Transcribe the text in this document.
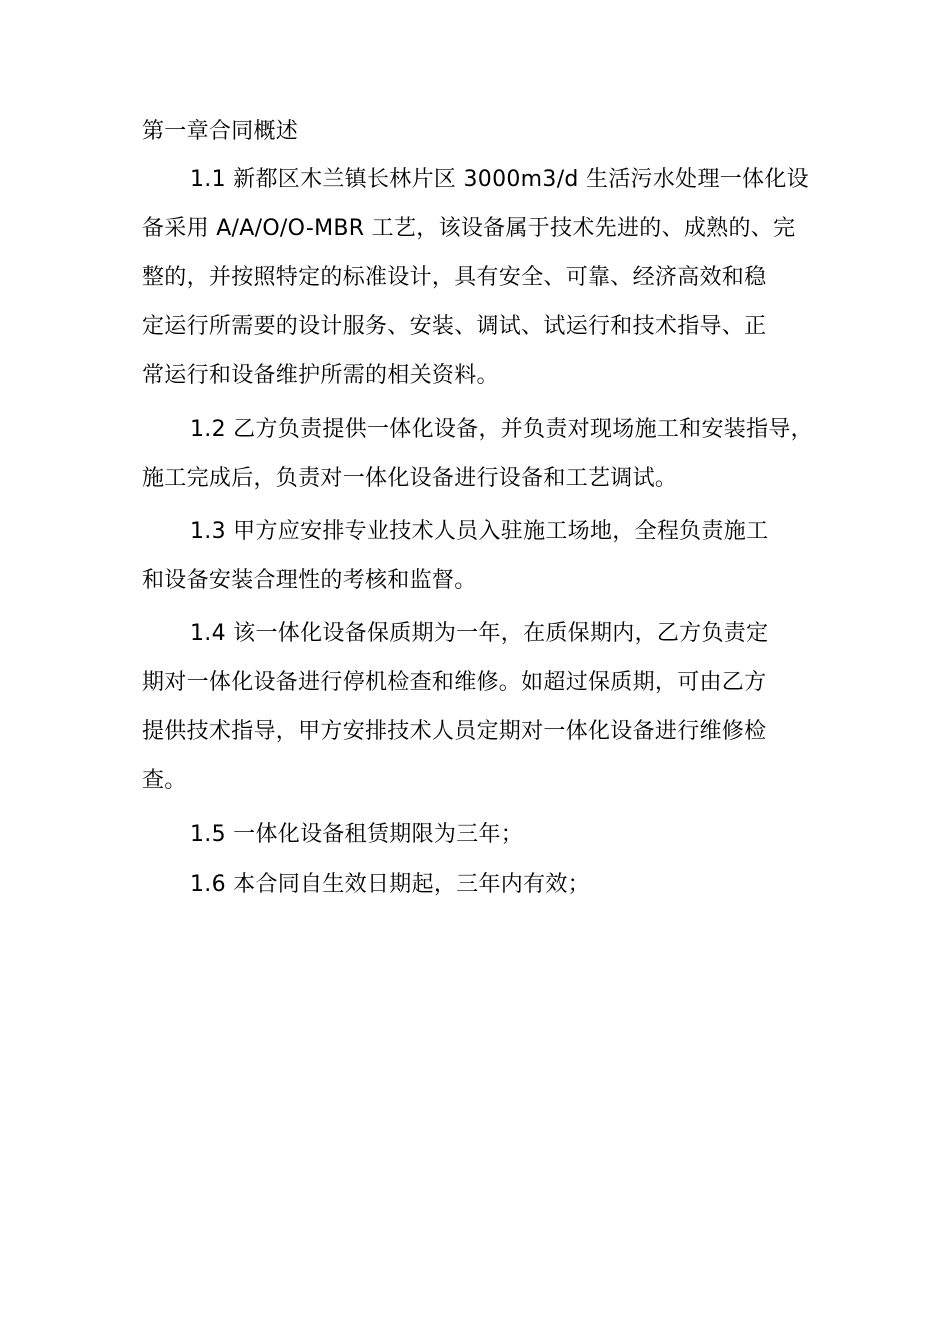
第一章合同概述
1.1 新都区木兰镇长林片区 3000m3/d 生活污水处理一体化设
备采用 A/A/O/O-MBR 工艺，该设备属于技术先进的、成熟的、完
整的，并按照特定的标准设计，具有安全、可靠、经济高效和稳
定运行所需要的设计服务、安装、调试、试运行和技术指导、正
常运行和设备维护所需的相关资料。
1.2 乙方负责提供一体化设备，并负责对现场施工和安装指导，
施工完成后，负责对一体化设备进行设备和工艺调试。
1.3 甲方应安排专业技术人员入驻施工场地，全程负责施工
和设备安装合理性的考核和监督。
1.4 该一体化设备保质期为一年，在质保期内，乙方负责定
期对一体化设备进行停机检查和维修。如超过保质期，可由乙方
提供技术指导，甲方安排技术人员定期对一体化设备进行维修检
查。
1.5 一体化设备租赁期限为三年；
1.6 本合同自生效日期起，三年内有效；
